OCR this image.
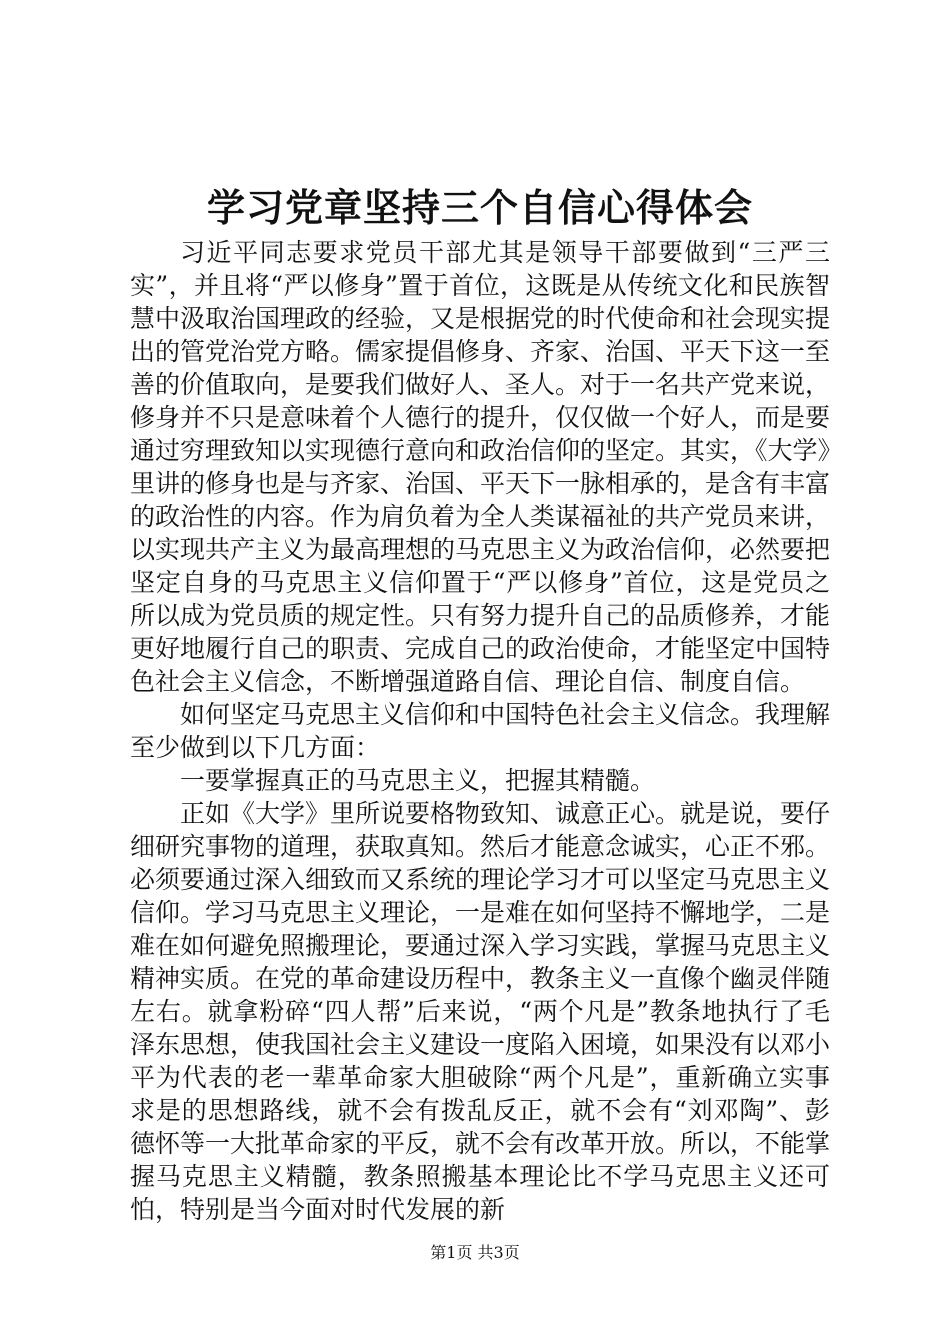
学习党章坚持三个自信心得体会

习近平同志要求党员干部尤其是领导干部要做到“三严三实”，并且将“严以修身”置于首位，这既是从传统文化和民族智慧中汲取治国理政的经验，又是根据党的时代使命和社会现实提出的管党治党方略。儒家提倡修身、齐家、治国、平天下这一至善的价值取向，是要我们做好人、圣人。对于一名共产党来说，修身并不只是意味着个人德行的提升，仅仅做一个好人，而是要通过穷理致知以实现德行意向和政治信仰的坚定。其实，《大学》里讲的修身也是与齐家、治国、平天下一脉相承的，是含有丰富的政治性的内容。作为肩负着为全人类谋福祉的共产党员来讲，以实现共产主义为最高理想的马克思主义为政治信仰，必然要把坚定自身的马克思主义信仰置于“严以修身”首位，这是党员之所以成为党员质的规定性。只有努力提升自己的品质修养，才能更好地履行自己的职责、完成自己的政治使命，才能坚定中国特色社会主义信念，不断增强道路自信、理论自信、制度自信。

如何坚定马克思主义信仰和中国特色社会主义信念。我理解至少做到以下几方面：

一要掌握真正的马克思主义，把握其精髓。

正如《大学》里所说要格物致知、诚意正心。就是说，要仔细研究事物的道理，获取真知。然后才能意念诚实，心正不邪。必须要通过深入细致而又系统的理论学习才可以坚定马克思主义信仰。学习马克思主义理论，一是难在如何坚持不懈地学，二是难在如何避免照搬理论，要通过深入学习实践，掌握马克思主义精神实质。在党的革命建设历程中，教条主义一直像个幽灵伴随左右。就拿粉碎“四人帮”后来说，“两个凡是”教条地执行了毛泽东思想，使我国社会主义建设一度陷入困境，如果没有以邓小平为代表的老一辈革命家大胆破除“两个凡是”，重新确立实事求是的思想路线，就不会有拨乱反正，就不会有“刘邓陶”、彭德怀等一大批革命家的平反，就不会有改革开放。所以，不能掌握马克思主义精髓，教条照搬基本理论比不学马克思主义还可怕，特别是当今面对时代发展的新

第1页 共3页
